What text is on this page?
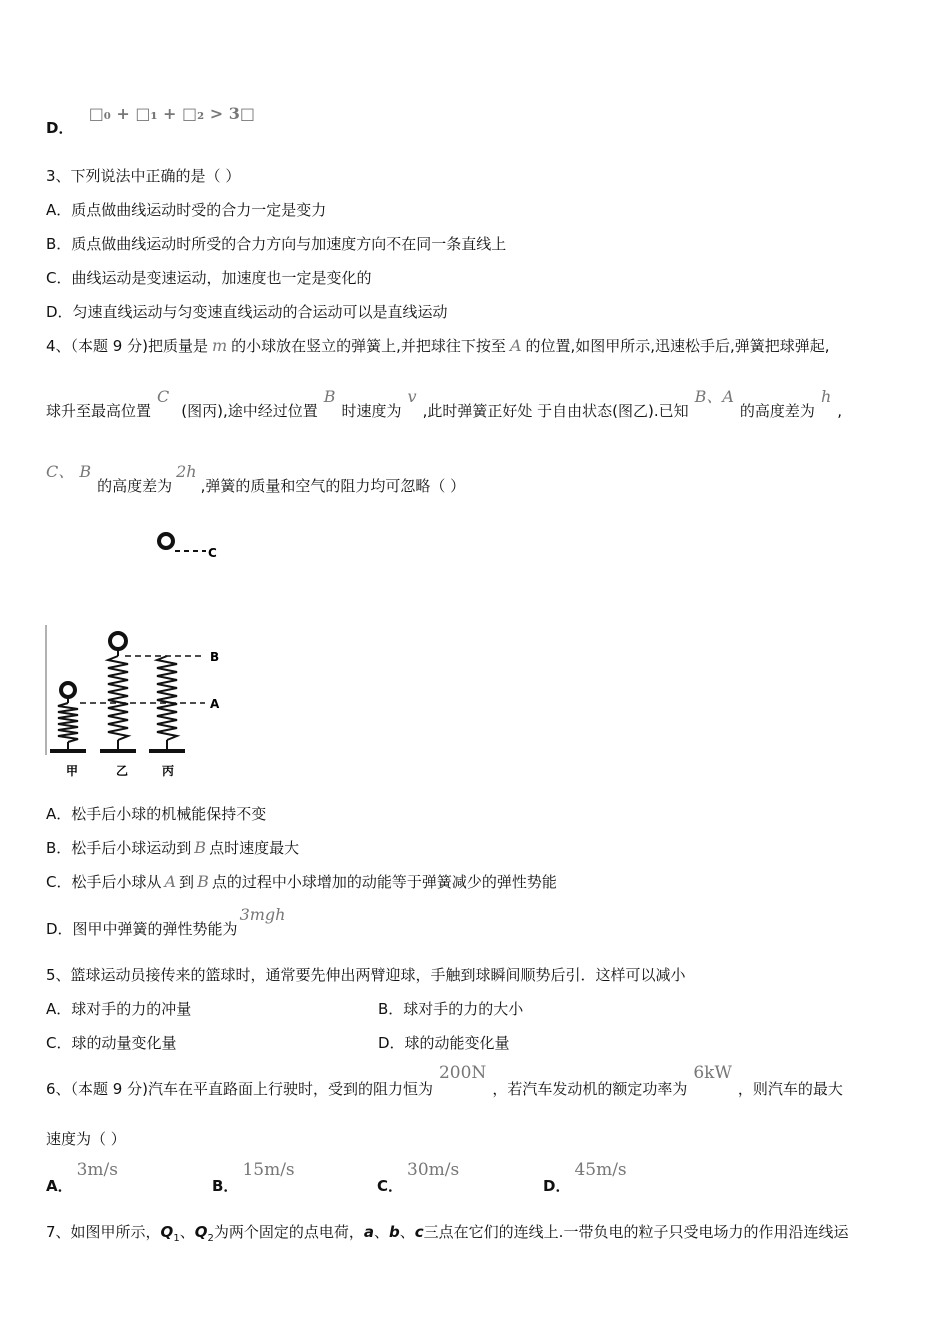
D． □₀ + □₁ + □₂ > 3□
3、下列说法中正确的是（ ）
A．质点做曲线运动时受的合力一定是变力
B．质点做曲线运动时所受的合力方向与加速度方向不在同一条直线上
C．曲线运动是变速运动，加速度也一定是变化的
D．匀速直线运动与匀变速直线运动的合运动可以是直线运动
4、（本题 9 分)把质量是 m 的小球放在竖立的弹簧上,并把球往下按至 A 的位置,如图甲所示,迅速松手后,弹簧把球弹起,
球升至最高位置C(图丙),途中经过位置B时速度为v,此时弹簧正好处 于自由状态(图乙).已知B、A的高度差为h,
C、 B的高度差为2h,弹簧的质量和空气的阻力均可忽略（ ）
C
B
A
甲	乙	丙
A．松手后小球的机械能保持不变
B．松手后小球运动到 B 点时速度最大
C．松手后小球从 A 到 B 点的过程中小球增加的动能等于弹簧减少的弹性势能
D．图甲中弹簧的弹性势能为3mgh
5、篮球运动员接传来的篮球时，通常要先伸出两臂迎球，手触到球瞬间顺势后引．这样可以减小
A．球对手的力的冲量	B．球对手的力的大小
C．球的动量变化量	D．球的动能变化量
6、（本题 9 分)汽车在平直路面上行驶时，受到的阻力恒为200N，若汽车发动机的额定功率为6kW，则汽车的最大
速度为（ ）
A．3m/s
B．15m/s
C．30m/s
D．45m/s
7、如图甲所示，$Q_1$、$Q_2$为两个固定的点电荷，a、b、c三点在它们的连线上.一带负电的粒子只受电场力的作用沿连线运
